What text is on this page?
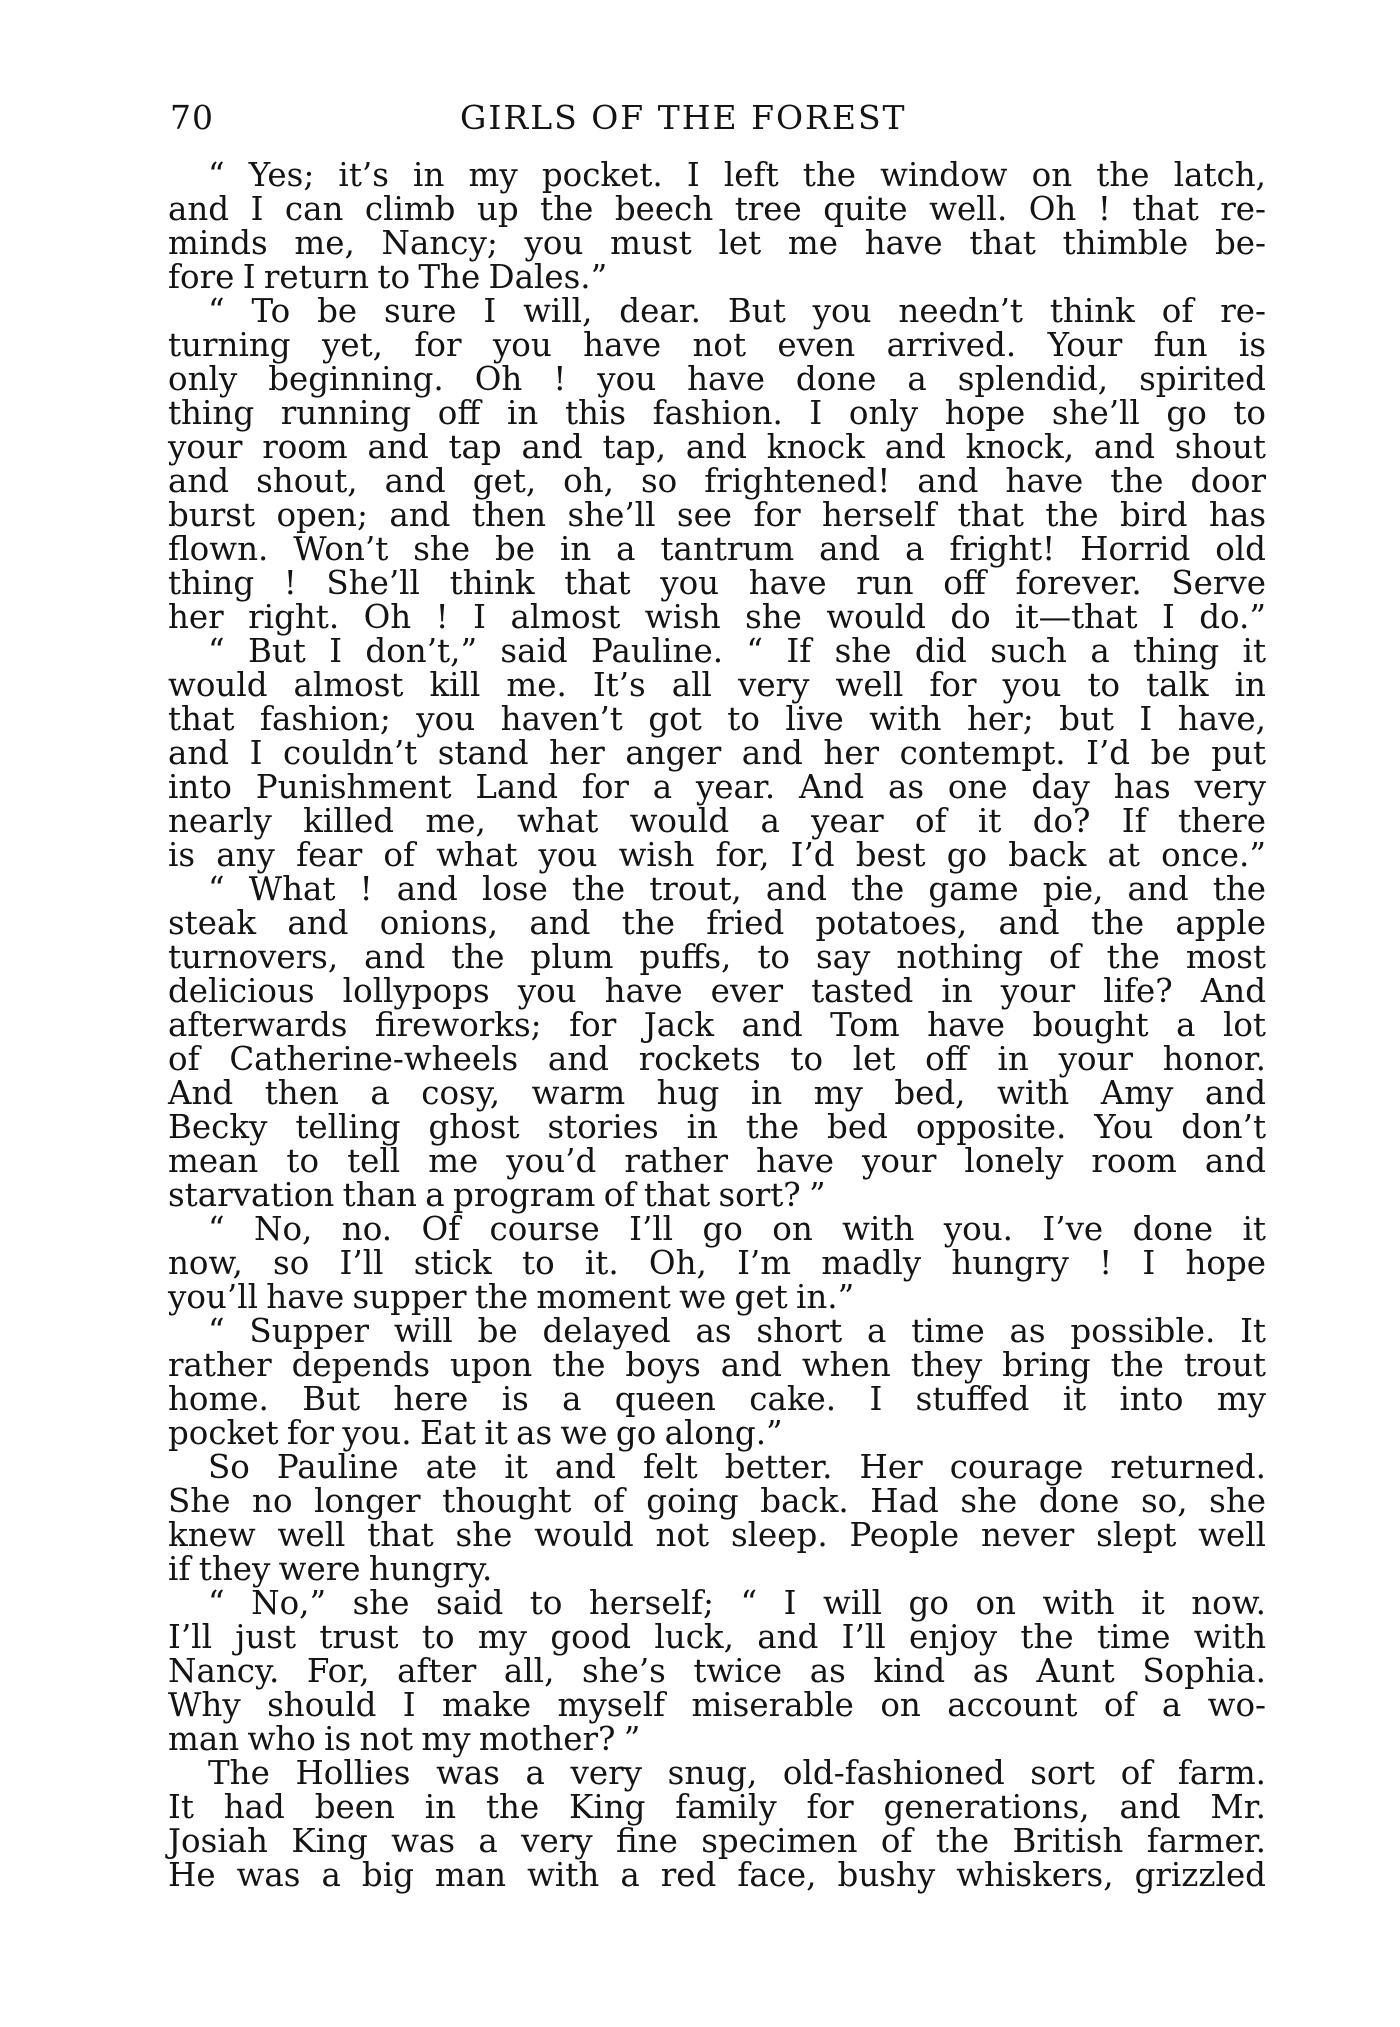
70	GIRLS OF THE FOREST
“ Yes; it’s in my pocket. I left the window on the latch,
and I can climb up the beech tree quite well. Oh ! that re-
minds me, Nancy; you must let me have that thimble be-
fore I return to The Dales.”
“ To be sure I will, dear. But you needn’t think of re-
turning yet, for you have not even arrived. Your fun is
only beginning. Oh ! you have done a splendid, spirited
thing running off in this fashion. I only hope she’ll go to
your room and tap and tap, and knock and knock, and shout
and shout, and get, oh, so frightened! and have the door
burst open; and then she’ll see for herself that the bird has
flown. Won’t she be in a tantrum and a fright! Horrid old
thing ! She’ll think that you have run off forever. Serve
her right. Oh ! I almost wish she would do it—that I do.”
“ But I don’t,” said Pauline. “ If she did such a thing it
would almost kill me. It’s all very well for you to talk in
that fashion; you haven’t got to live with her; but I have,
and I couldn’t stand her anger and her contempt. I’d be put
into Punishment Land for a year. And as one day has very
nearly killed me, what would a year of it do? If there
is any fear of what you wish for, I’d best go back at once.”
“ What ! and lose the trout, and the game pie, and the
steak and onions, and the fried potatoes, and the apple
turnovers, and the plum puffs, to say nothing of the most
delicious lollypops you have ever tasted in your life? And
afterwards fireworks; for Jack and Tom have bought a lot
of Catherine-wheels and rockets to let off in your honor.
And then a cosy, warm hug in my bed, with Amy and
Becky telling ghost stories in the bed opposite. You don’t
mean to tell me you’d rather have your lonely room and
starvation than a program of that sort? ”
“ No, no. Of course I’ll go on with you. I’ve done it
now, so I’ll stick to it. Oh, I’m madly hungry ! I hope
you’ll have supper the moment we get in.”
“ Supper will be delayed as short a time as possible. It
rather depends upon the boys and when they bring the trout
home. But here is a queen cake. I stuffed it into my
pocket for you. Eat it as we go along.”
So Pauline ate it and felt better. Her courage returned.
She no longer thought of going back. Had she done so, she
knew well that she would not sleep. People never slept well
if they were hungry.
“ No,” she said to herself; “ I will go on with it now.
I’ll just trust to my good luck, and I’ll enjoy the time with
Nancy. For, after all, she’s twice as kind as Aunt Sophia.
Why should I make myself miserable on account of a wo-
man who is not my mother? ”
The Hollies was a very snug, old-fashioned sort of farm.
It had been in the King family for generations, and Mr.
Josiah King was a very fine specimen of the British farmer.
He was a big man with a red face, bushy whiskers, grizzled
